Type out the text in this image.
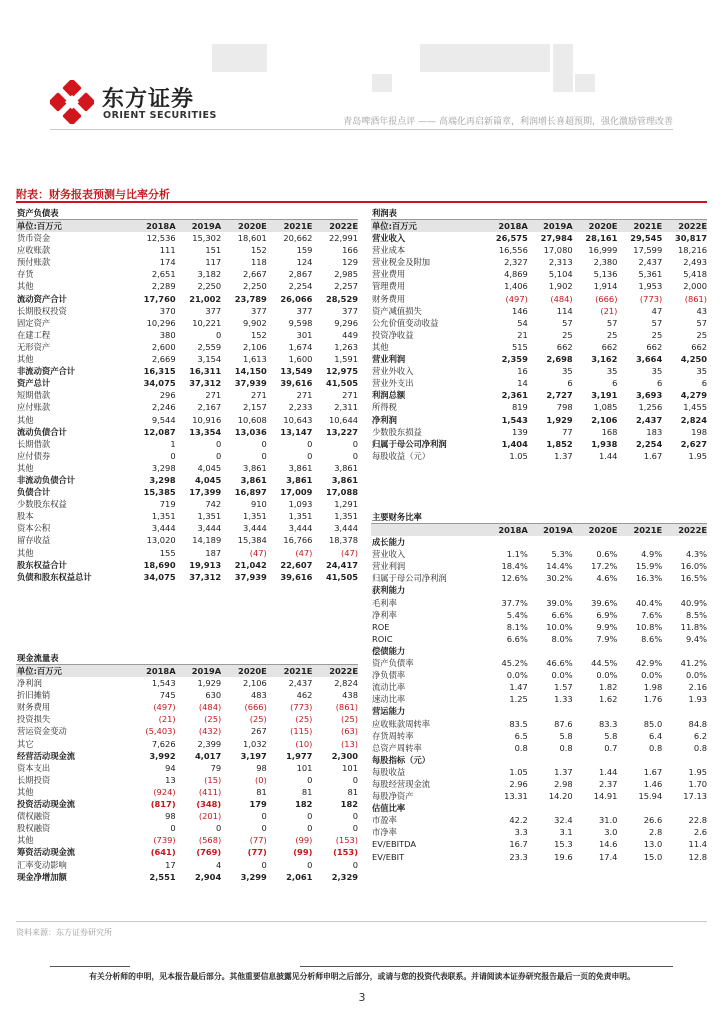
东方证券
ORIENT SECURITIES
青岛啤酒年报点评 —— 高端化再启新篇章，利润增长喜超预期，强化激励管理改善
附表：财务报表预测与比率分析
资产负债表
单位:百万元	2018A	2019A	2020E	2021E	2022E
货币资金	12,536	15,302	18,601	20,662	22,991
应收账款	111	151	152	159	166
预付账款	174	117	118	124	129
存货	2,651	3,182	2,667	2,867	2,985
其他	2,289	2,250	2,250	2,254	2,257
流动资产合计	17,760	21,002	23,789	26,066	28,529
长期股权投资	370	377	377	377	377
固定资产	10,296	10,221	9,902	9,598	9,296
在建工程	380	0	152	301	449
无形资产	2,600	2,559	2,106	1,674	1,263
其他	2,669	3,154	1,613	1,600	1,591
非流动资产合计	16,315	16,311	14,150	13,549	12,975
资产总计	34,075	37,312	37,939	39,616	41,505
短期借款	296	271	271	271	271
应付账款	2,246	2,167	2,157	2,233	2,311
其他	9,544	10,916	10,608	10,643	10,644
流动负债合计	12,087	13,354	13,036	13,147	13,227
长期借款	1	0	0	0	0
应付债券	0	0	0	0	0
其他	3,298	4,045	3,861	3,861	3,861
非流动负债合计	3,298	4,045	3,861	3,861	3,861
负债合计	15,385	17,399	16,897	17,009	17,088
少数股东权益	719	742	910	1,093	1,291
股本	1,351	1,351	1,351	1,351	1,351
资本公积	3,444	3,444	3,444	3,444	3,444
留存收益	13,020	14,189	15,384	16,766	18,378
其他	155	187	(47)	(47)	(47)
股东权益合计	18,690	19,913	21,042	22,607	24,417
负债和股东权益总计	34,075	37,312	37,939	39,616	41,505
现金流量表
单位:百万元	2018A	2019A	2020E	2021E	2022E
净利润	1,543	1,929	2,106	2,437	2,824
折旧摊销	745	630	483	462	438
财务费用	(497)	(484)	(666)	(773)	(861)
投资损失	(21)	(25)	(25)	(25)	(25)
营运资金变动	(5,403)	(432)	267	(115)	(63)
其它	7,626	2,399	1,032	(10)	(13)
经营活动现金流	3,992	4,017	3,197	1,977	2,300
资本支出	94	79	98	101	101
长期投资	13	(15)	(0)	0	0
其他	(924)	(411)	81	81	81
投资活动现金流	(817)	(348)	179	182	182
债权融资	98	(201)	0	0	0
股权融资	0	0	0	0	0
其他	(739)	(568)	(77)	(99)	(153)
筹资活动现金流	(641)	(769)	(77)	(99)	(153)
汇率变动影响	17	4	0	0	0
现金净增加额	2,551	2,904	3,299	2,061	2,329
利润表
单位:百万元	2018A	2019A	2020E	2021E	2022E
营业收入	26,575	27,984	28,161	29,545	30,817
营业成本	16,556	17,080	16,999	17,599	18,216
营业税金及附加	2,327	2,313	2,380	2,437	2,493
营业费用	4,869	5,104	5,136	5,361	5,418
管理费用	1,406	1,902	1,914	1,953	2,000
财务费用	(497)	(484)	(666)	(773)	(861)
资产减值损失	146	114	(21)	47	43
公允价值变动收益	54	57	57	57	57
投资净收益	21	25	25	25	25
其他	515	662	662	662	662
营业利润	2,359	2,698	3,162	3,664	4,250
营业外收入	16	35	35	35	35
营业外支出	14	6	6	6	6
利润总额	2,361	2,727	3,191	3,693	4,279
所得税	819	798	1,085	1,256	1,455
净利润	1,543	1,929	2,106	2,437	2,824
少数股东损益	139	77	168	183	198
归属于母公司净利润	1,404	1,852	1,938	2,254	2,627
每股收益（元）	1.05	1.37	1.44	1.67	1.95
主要财务比率
2018A	2019A	2020E	2021E	2022E
成长能力
营业收入	1.1%	5.3%	0.6%	4.9%	4.3%
营业利润	18.4%	14.4%	17.2%	15.9%	16.0%
归属于母公司净利润	12.6%	30.2%	4.6%	16.3%	16.5%
获利能力
毛利率	37.7%	39.0%	39.6%	40.4%	40.9%
净利率	5.4%	6.6%	6.9%	7.6%	8.5%
ROE	8.1%	10.0%	9.9%	10.8%	11.8%
ROIC	6.6%	8.0%	7.9%	8.6%	9.4%
偿债能力
资产负债率	45.2%	46.6%	44.5%	42.9%	41.2%
净负债率	0.0%	0.0%	0.0%	0.0%	0.0%
流动比率	1.47	1.57	1.82	1.98	2.16
速动比率	1.25	1.33	1.62	1.76	1.93
营运能力
应收账款周转率	83.5	87.6	83.3	85.0	84.8
存货周转率	6.5	5.8	5.8	6.4	6.2
总资产周转率	0.8	0.8	0.7	0.8	0.8
每股指标（元）
每股收益	1.05	1.37	1.44	1.67	1.95
每股经营现金流	2.96	2.98	2.37	1.46	1.70
每股净资产	13.31	14.20	14.91	15.94	17.13
估值比率
市盈率	42.2	32.4	31.0	26.6	22.8
市净率	3.3	3.1	3.0	2.8	2.6
EV/EBITDA	16.7	15.3	14.6	13.0	11.4
EV/EBIT	23.3	19.6	17.4	15.0	12.8
资料来源：东方证券研究所
有关分析师的申明，见本报告最后部分。其他重要信息披露见分析师申明之后部分，或请与您的投资代表联系。并请阅读本证券研究报告最后一页的免责申明。
3
